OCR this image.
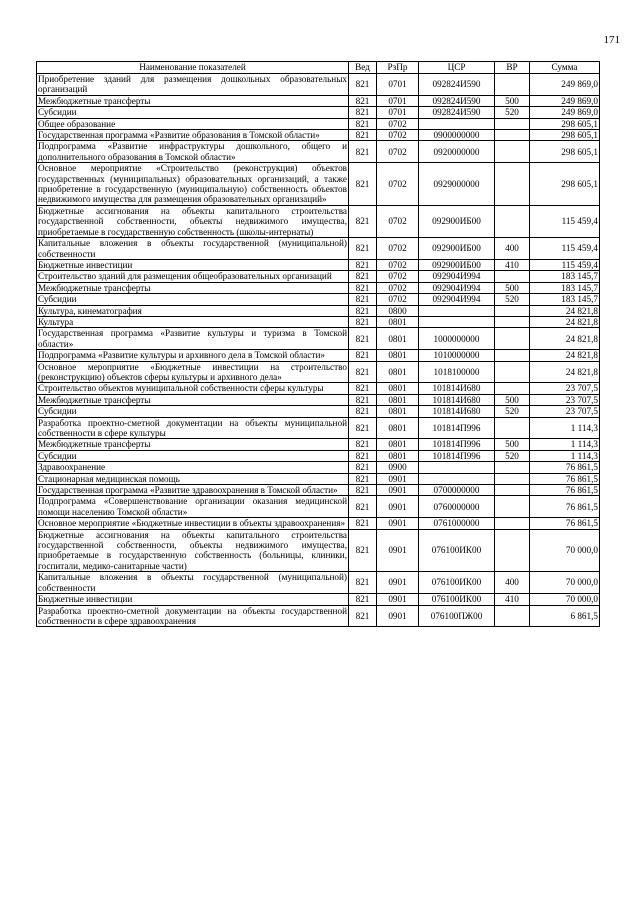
171
Наименование показателей	Вед	РзПр	ЦСР	ВР	Сумма
Приобретение зданий для размещения дошкольных образовательных организаций	821	0701	092824И590		249 869,0
Межбюджетные трансферты	821	0701	092824И590	500	249 869,0
Субсидии	821	0701	092824И590	520	249 869,0
Общее образование	821	0702			298 605,1
Государственная программа «Развитие образования в Томской области»	821	0702	0900000000		298 605,1
Подпрограмма «Развитие инфраструктуры дошкольного, общего и дополнительного образования в Томской области»	821	0702	0920000000		298 605,1
Основное мероприятие «Строительство (реконструкция) объектов государственных (муниципальных) образовательных организаций, а также приобретение в государственную (муниципальную) собственность объектов недвижимого имущества для размещения образовательных организаций»	821	0702	0929000000		298 605,1
Бюджетные ассигнования на объекты капитального строительства государственной собственности, объекты недвижимого имущества, приобретаемые в государственную собственность (школы-интернаты)	821	0702	092900ИБ00		115 459,4
Капитальные вложения в объекты государственной (муниципальной) собственности	821	0702	092900ИБ00	400	115 459,4
Бюджетные инвестиции	821	0702	092900ИБ00	410	115 459,4
Строительство зданий для размещения общеобразовательных организаций	821	0702	092904И994		183 145,7
Межбюджетные трансферты	821	0702	092904И994	500	183 145,7
Субсидии	821	0702	092904И994	520	183 145,7
Культура, кинематография	821	0800			24 821,8
Культура	821	0801			24 821,8
Государственная программа «Развитие культуры и туризма в Томской области»	821	0801	1000000000		24 821,8
Подпрограмма «Развитие культуры и архивного дела в Томской области»	821	0801	1010000000		24 821,8
Основное мероприятие «Бюджетные инвестиции на строительство (реконструкцию) объектов сферы культуры и архивного дела»	821	0801	1018100000		24 821,8
Строительство объектов муниципальной собственности сферы культуры	821	0801	101814И680		23 707,5
Межбюджетные трансферты	821	0801	101814И680	500	23 707,5
Субсидии	821	0801	101814И680	520	23 707,5
Разработка проектно-сметной документации на объекты муниципальной собственности в сфере культуры	821	0801	101814П996		1 114,3
Межбюджетные трансферты	821	0801	101814П996	500	1 114,3
Субсидии	821	0801	101814П996	520	1 114,3
Здравоохранение	821	0900			76 861,5
Стационарная медицинская помощь	821	0901			76 861,5
Государственная программа «Развитие здравоохранения в Томской области»	821	0901	0700000000		76 861,5
Подпрограмма «Совершенствование организации оказания медицинской помощи населению Томской области»	821	0901	0760000000		76 861,5
Основное мероприятие «Бюджетные инвестиции в объекты здравоохранения»	821	0901	0761000000		76 861,5
Бюджетные ассигнования на объекты капитального строительства государственной собственности, объекты недвижимого имущества, приобретаемые в государственную собственность (больницы, клиники, госпитали, медико-санитарные части)	821	0901	076100ИК00		70 000,0
Капитальные вложения в объекты государственной (муниципальной) собственности	821	0901	076100ИК00	400	70 000,0
Бюджетные инвестиции	821	0901	076100ИК00	410	70 000,0
Разработка проектно-сметной документации на объекты государственной собственности в сфере здравоохранения	821	0901	076100ПЖ00		6 861,5
